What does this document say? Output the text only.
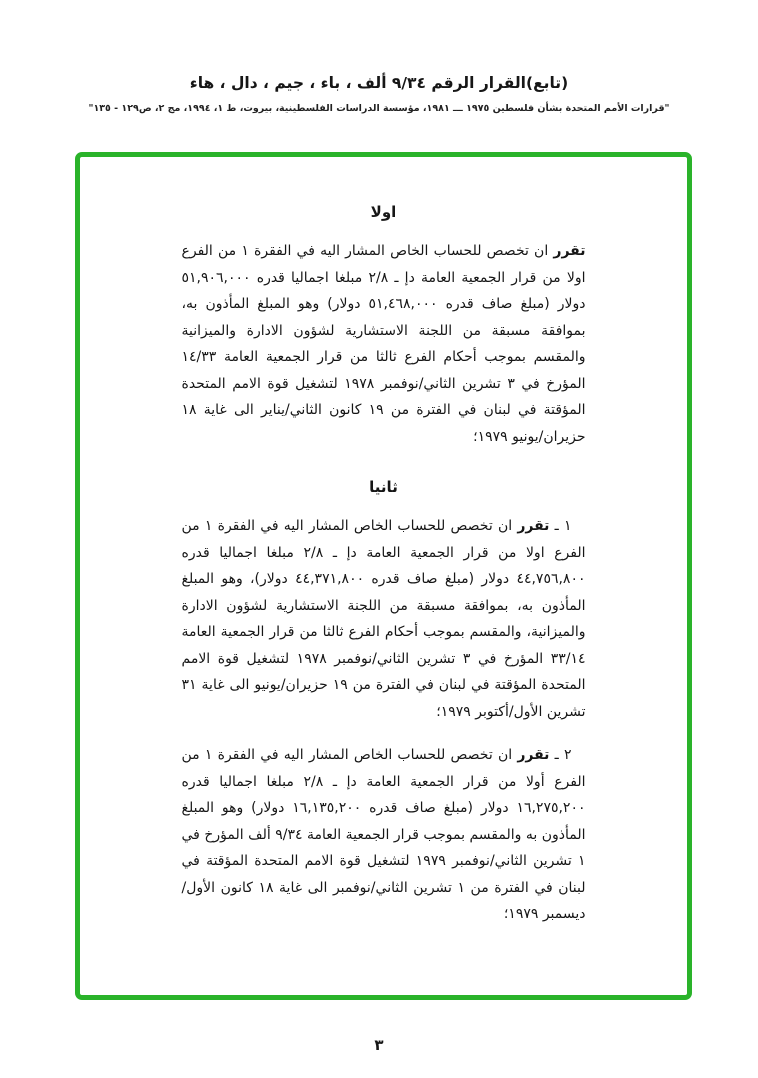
(تابع)القرار الرقم ٩/٣٤ ألف ، باء ، جيم ، دال ، هاء
"قرارات الأمم المتحدة بشأن فلسطين ١٩٧٥ ـــ ١٩٨١، مؤسسة الدراسات الفلسطينية، بيروت، ط ١، ١٩٩٤، مج ٢، ص١٢٩ - ١٣٥"
اولا

تقرر ان تخصص للحساب الخاص المشار اليه في الفقرة ١ من الفرع اولا من قرار الجمعية العامة دإ ـ ٢/٨ مبلغا اجماليا قدره ٥١,٩٠٦,٠٠٠ دولار (مبلغ صاف قدره ٥١,٤٦٨,٠٠٠ دولار) وهو المبلغ المأذون به، بموافقة مسبقة من اللجنة الاستشارية لشؤون الادارة والميزانية والمقسم بموجب أحكام الفرع ثالثا من قرار الجمعية العامة ١٤/٣٣ المؤرخ في ٣ تشرين الثاني/نوفمبر ١٩٧٨ لتشغيل قوة الامم المتحدة المؤقتة في لبنان في الفترة من ١٩ كانون الثاني/يناير الى غاية ١٨ حزيران/يونيو ١٩٧٩؛

ثانيا

١ ـ تقرر ان تخصص للحساب الخاص المشار اليه في الفقرة ١ من الفرع اولا من قرار الجمعية العامة دإ ـ ٢/٨ مبلغا اجماليا قدره ٤٤,٧٥٦,٨٠٠ دولار (مبلغ صاف قدره ٤٤,٣٧١,٨٠٠ دولار)، وهو المبلغ المأذون به، بموافقة مسبقة من اللجنة الاستشارية لشؤون الادارة والميزانية، والمقسم بموجب أحكام الفرع ثالثا من قرار الجمعية العامة ٣٣/١٤ المؤرخ في ٣ تشرين الثاني/نوفمبر ١٩٧٨ لتشغيل قوة الامم المتحدة المؤقتة في لبنان في الفترة من ١٩ حزيران/يونيو الى غاية ٣١ تشرين الأول/أكتوبر ١٩٧٩؛

٢ ـ تقرر ان تخصص للحساب الخاص المشار اليه في الفقرة ١ من الفرع أولا من قرار الجمعية العامة دإ ـ ٢/٨ مبلغا اجماليا قدره ١٦,٢٧٥,٢٠٠ دولار (مبلغ صاف قدره ١٦,١٣٥,٢٠٠ دولار) وهو المبلغ المأذون به والمقسم بموجب قرار الجمعية العامة ٩/٣٤ ألف المؤرخ في ١ تشرين الثاني/نوفمبر ١٩٧٩ لتشغيل قوة الامم المتحدة المؤقتة في لبنان في الفترة من ١ تشرين الثاني/نوفمبر الى غاية ١٨ كانون الأول/ديسمبر ١٩٧٩؛

٣
